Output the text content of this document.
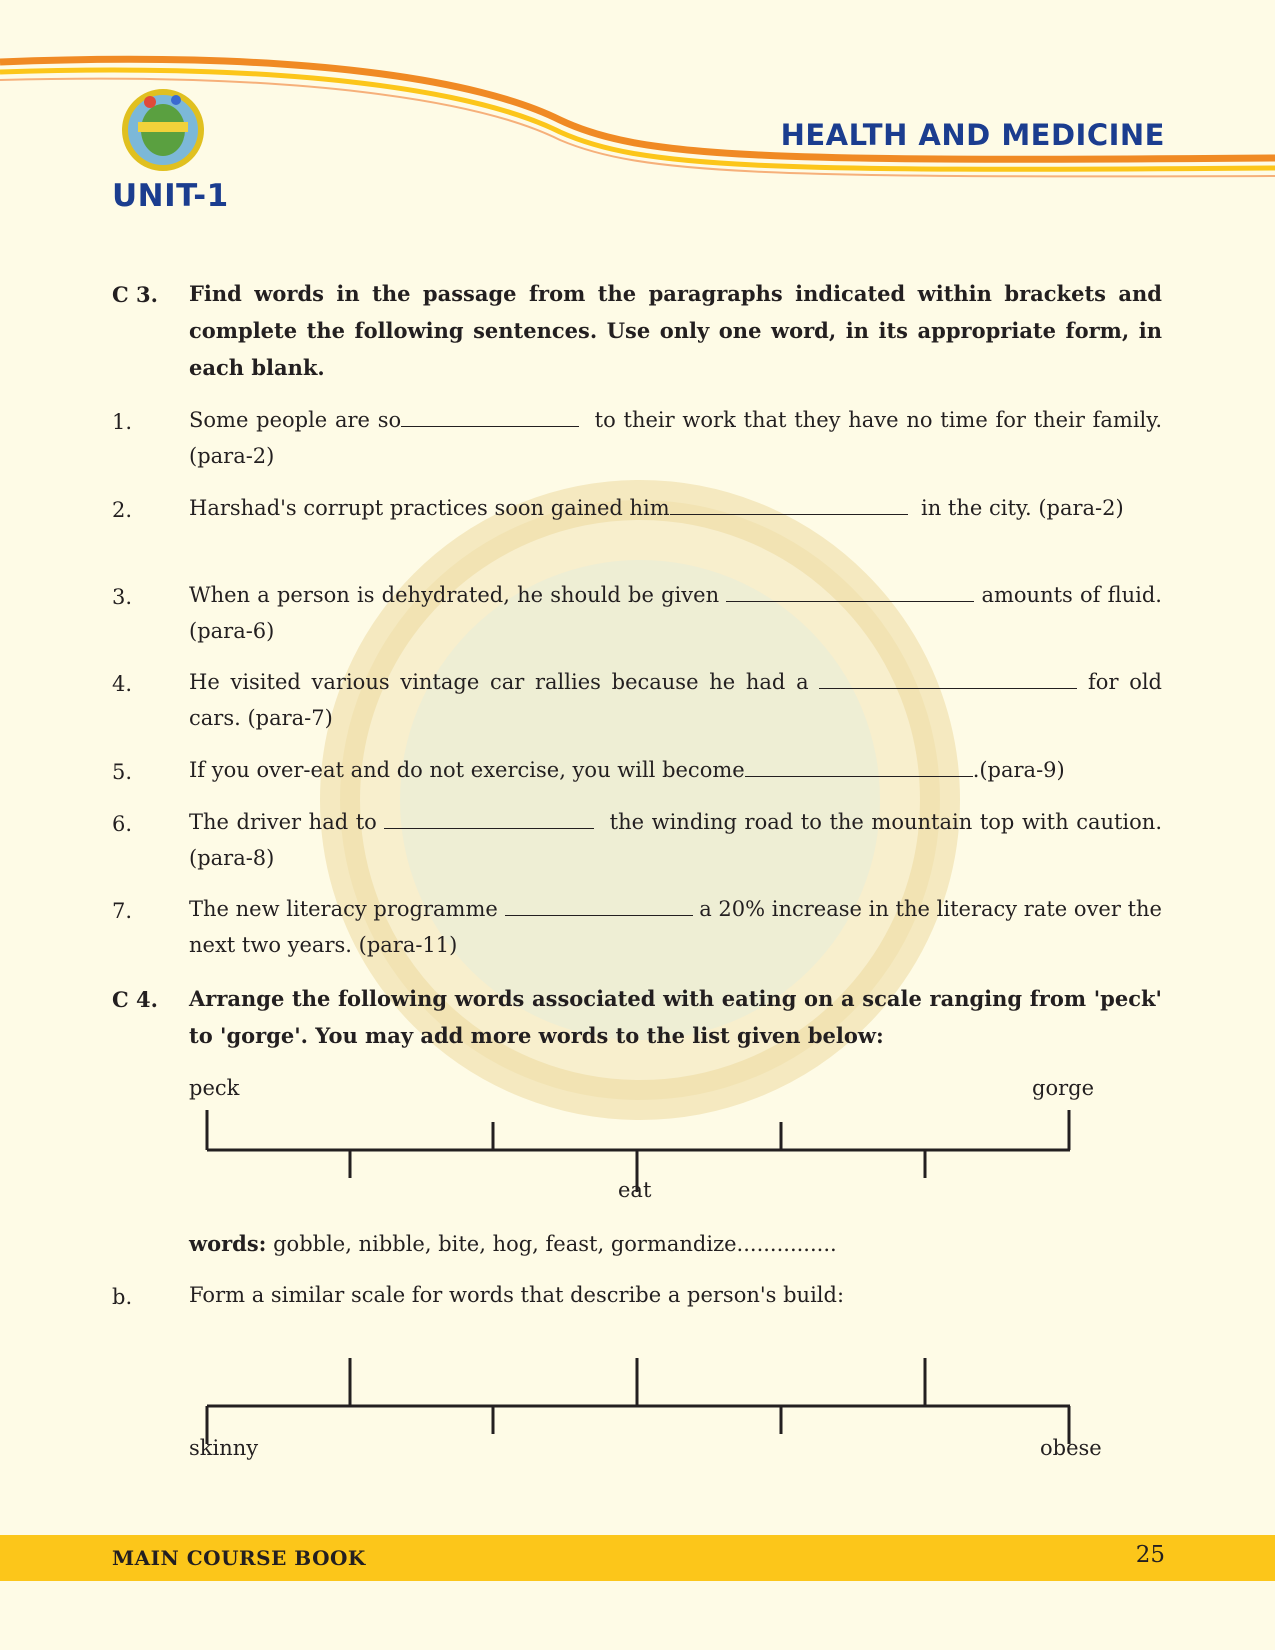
UNIT-1
HEALTH AND MEDICINE
C 3. Find words in the passage from the paragraphs indicated within brackets and complete the following sentences. Use only one word, in its appropriate form, in each blank.
1.	Some people are so	to their work that they have no time for their family. (para-2)
2.	Harshad's corrupt practices soon gained him	in the city. (para-2)
3.	When a person is dehydrated, he should be given	amounts of fluid. (para-6)
4.	He visited various vintage car rallies because he had a	for old cars. (para-7)
5.	If you over-eat and do not exercise, you will become	.(para-9)
6.	The driver had to	the winding road to the mountain top with caution. (para-8)
7.	The new literacy programme	a 20% increase in the literacy rate over the next two years. (para-11)
C 4. Arrange the following words associated with eating on a scale ranging from 'peck' to 'gorge'. You may add more words to the list given below:
peck	gorge
eat
words: gobble, nibble, bite, hog, feast, gormandize...............
b.	Form a similar scale for words that describe a person's build:
skinny	obese
MAIN COURSE BOOK	25
